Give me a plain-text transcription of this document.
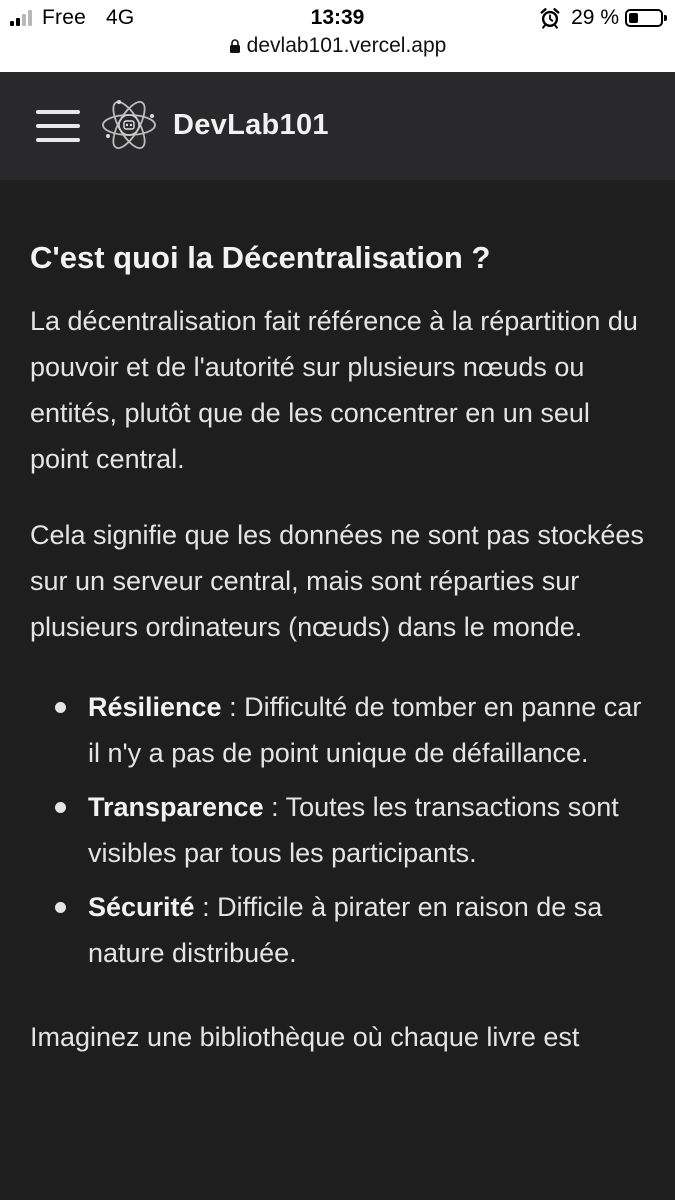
Free 4G	13:39	29 %
devlab101.vercel.app
DevLab101
C'est quoi la Décentralisation ?

La décentralisation fait référence à la répartition du pouvoir et de l'autorité sur plusieurs nœuds ou entités, plutôt que de les concentrer en un seul point central.

Cela signifie que les données ne sont pas stockées sur un serveur central, mais sont réparties sur plusieurs ordinateurs (nœuds) dans le monde.

Résilience : Difficulté de tomber en panne car il n'y a pas de point unique de défaillance.
Transparence : Toutes les transactions sont visibles par tous les participants.
Sécurité : Difficile à pirater en raison de sa nature distribuée.

Imaginez une bibliothèque où chaque livre est
